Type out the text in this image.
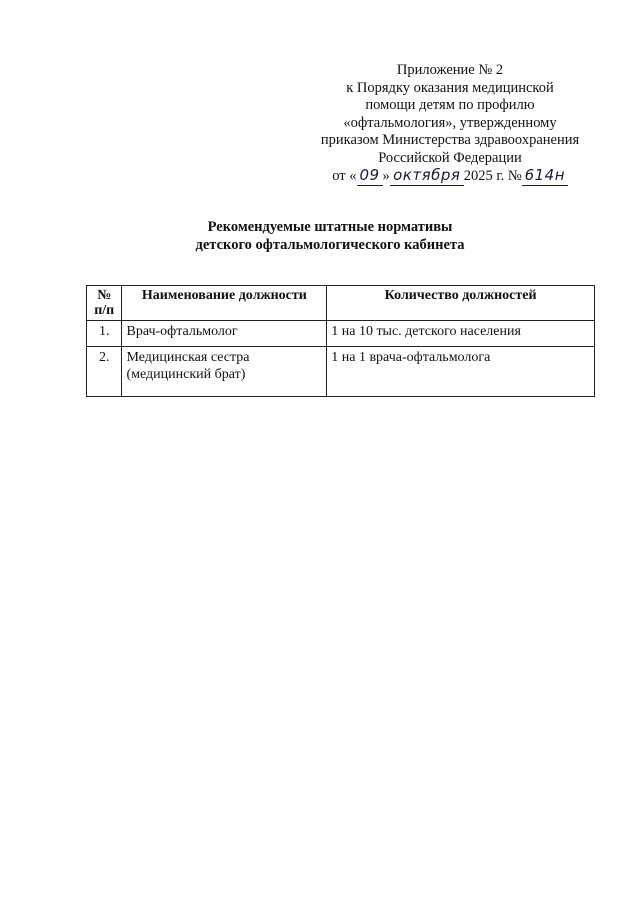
Приложение № 2
к Порядку оказания медицинской
помощи детям по профилю
«офтальмология», утвержденному
приказом Министерства здравоохранения
Российской Федерации
от « 09 » октября 2025 г. № 614н
Рекомендуемые штатные нормативы
детского офтальмологического кабинета
№ п/п	Наименование должности	Количество должностей
1.	Врач-офтальмолог	1 на 10 тыс. детского населения
2.	Медицинская сестра (медицинский брат)	1 на 1 врача-офтальмолога
